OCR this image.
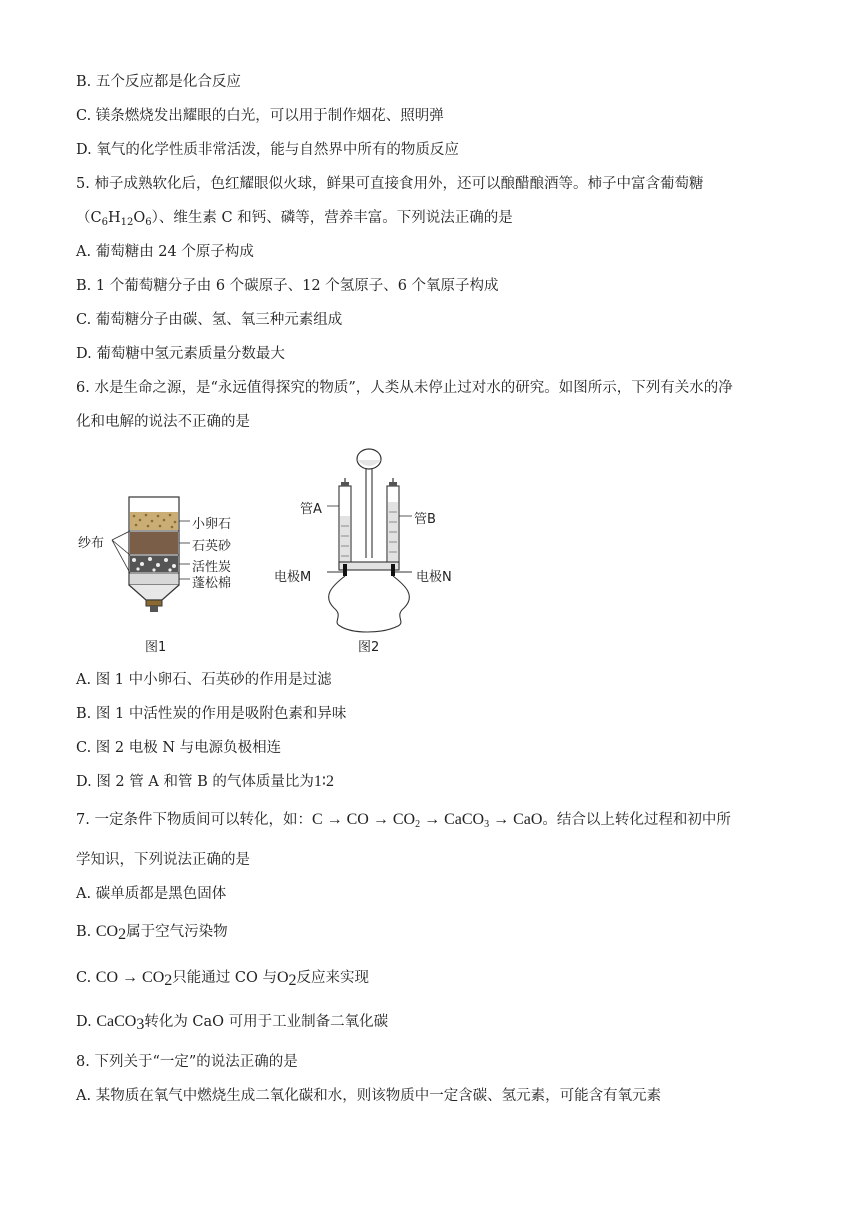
B. 五个反应都是化合反应
C. 镁条燃烧发出耀眼的白光，可以用于制作烟花、照明弹
D. 氧气的化学性质非常活泼，能与自然界中所有的物质反应
5. 柿子成熟软化后，色红耀眼似火球，鲜果可直接食用外，还可以酿醋酿酒等。柿子中富含葡萄糖
$(C_6H_{12}O_6)$、维生素 C 和钙、磷等，营养丰富。下列说法正确的是
A. 葡萄糖由 24 个原子构成
B. 1 个葡萄糖分子由 6 个碳原子、12 个氢原子、6 个氧原子构成
C. 葡萄糖分子由碳、氢、氧三种元素组成
D. 葡萄糖中氢元素质量分数最大
6. 水是生命之源，是“永远值得探究的物质”，人类从未停止过对水的研究。如图所示，下列有关水的净
化和电解的说法不正确的是
纱布
小卵石
石英砂
活性炭
蓬松棉
图1
管A
管B
电极M	电极N
图2
A. 图 1 中小卵石、石英砂的作用是过滤
B. 图 1 中活性炭的作用是吸附色素和异味
C. 图 2 电极 N 与电源负极相连
D. 图 2 管 A 和管 B 的气体质量比为1∶2
7. 一定条件下物质间可以转化，如：C → CO → $CO_2$ → CaCO$_3$ → CaO。结合以上转化过程和初中所
学知识，下列说法正确的是
A. 碳单质都是黑色固体
B. $CO_2$属于空气污染物
C. CO → $CO_2$只能通过 CO 与$O_2$反应来实现
D. CaCO$_3$转化为 CaO 可用于工业制备二氧化碳
8. 下列关于“一定”的说法正确的是
A. 某物质在氧气中燃烧生成二氧化碳和水，则该物质中一定含碳、氢元素，可能含有氧元素
